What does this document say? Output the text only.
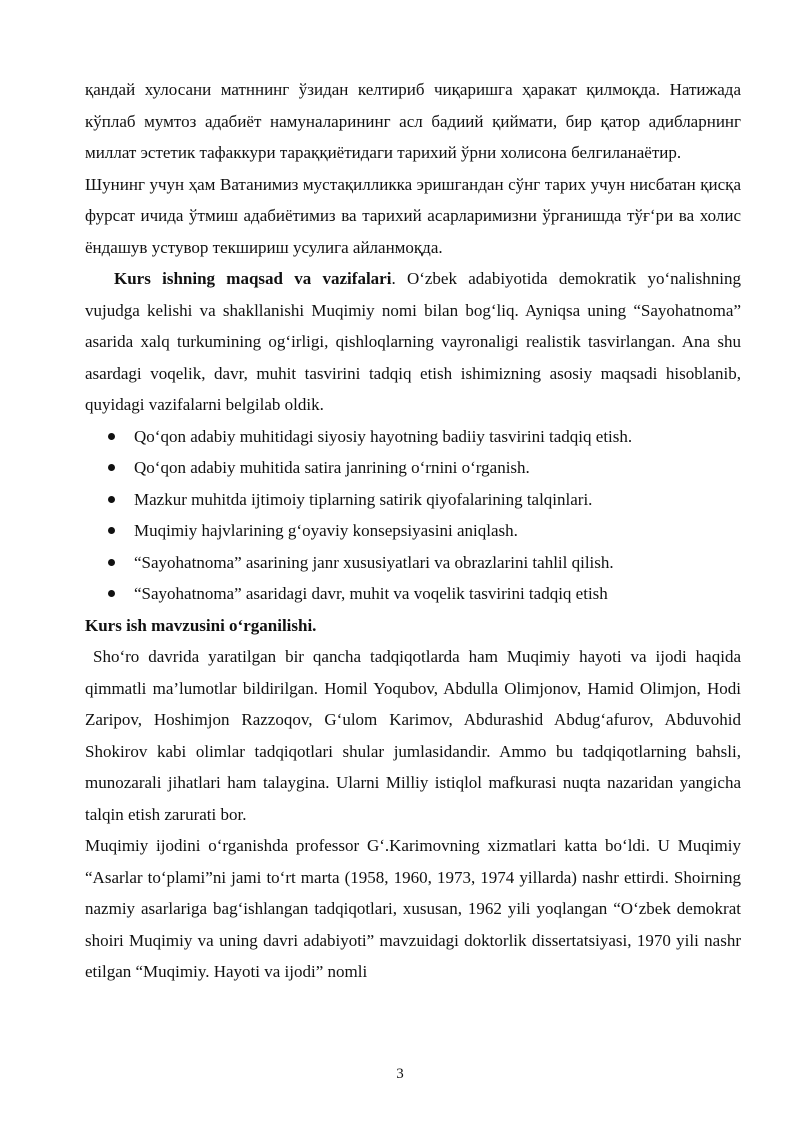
қандай хулосани матннинг ўзидан келтириб чиқаришга ҳаракат қилмоқда. Натижада кўплаб мумтоз адабиёт намуналарининг асл бадиий қиймати, бир қатор адибларнинг миллат эстетик тафаккури тараққиётидаги тарихий ўрни холисона белгиланаётир.

Шунинг учун ҳам Ватанимиз мустақилликка эришгандан сўнг тарих учун нисбатан қисқа фурсат ичида ўтмиш адабиётимиз ва тарихий асарларимизни ўрганишда тўғ‘ри ва холис ёндашув устувор текшириш усулига айланмоқда.

Kurs ishning maqsad va vazifalari. O‘zbek adabiyotida demokratik yo‘nalishning vujudga kelishi va shakllanishi Muqimiy nomi bilan bog‘liq. Ayniqsa uning “Sayohatnoma” asarida xalq turkumining og‘irligi, qishloqlarning vayronaligi realistik tasvirlangan. Ana shu asardagi voqelik, davr, muhit tasvirini tadqiq etish ishimizning asosiy maqsadi hisoblanib, quyidagi vazifalarni belgilab oldik.

Qo‘qon adabiy muhitidagi siyosiy hayotning badiiy tasvirini tadqiq etish.
Qo‘qon adabiy muhitida satira janrining o‘rnini o‘rganish.
Mazkur muhitda ijtimoiy tiplarning satirik qiyofalarining talqinlari.
Muqimiy hajvlarining g‘oyaviy konsepsiyasini aniqlash.
“Sayohatnoma” asarining janr xususiyatlari va obrazlarini tahlil qilish.
“Sayohatnoma” asaridagi davr, muhit va voqelik tasvirini tadqiq etish
Kurs ish mavzusini o‘rganilishi.

Sho‘ro davrida yaratilgan bir qancha tadqiqotlarda ham Muqimiy hayoti va ijodi haqida qimmatli ma’lumotlar bildirilgan. Homil Yoqubov, Abdulla Olimjonov, Hamid Olimjon, Hodi Zaripov, Hoshimjon Razzoqov, G‘ulom Karimov, Abdurashid Abdug‘afurov, Abduvohid Shokirov kabi olimlar tadqiqotlari shular jumlasidandir. Ammo bu tadqiqotlarning bahsli, munozarali jihatlari ham talaygina. Ularni Milliy istiqlol mafkurasi nuqta nazaridan yangicha talqin etish zarurati bor.

Muqimiy ijodini o‘rganishda professor G‘.Karimovning xizmatlari katta bo‘ldi. U Muqimiy “Asarlar to‘plami”ni jami to‘rt marta (1958, 1960, 1973, 1974 yillarda) nashr ettirdi. Shoirning nazmiy asarlariga bag‘ishlangan tadqiqotlari, xususan, 1962 yili yoqlangan “O‘zbek demokrat shoiri Muqimiy va uning davri adabiyoti” mavzuidagi doktorlik dissertatsiyasi, 1970 yili nashr etilgan “Muqimiy. Hayoti va ijodi” nomli

3
